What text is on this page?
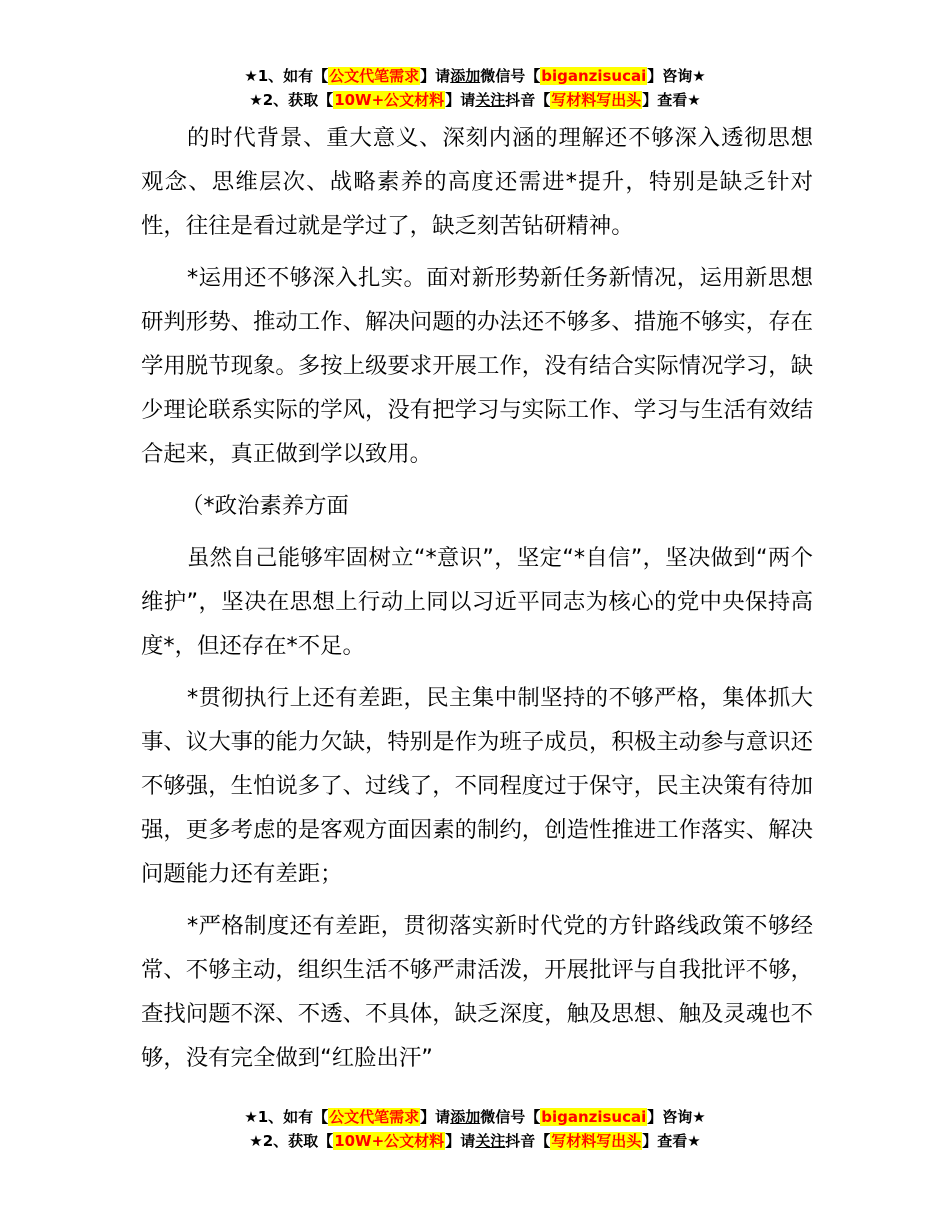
★1、如有【公文代笔需求】请添加微信号【biganzisucai】咨询★
★2、获取【10W+公文材料】请关注抖音【写材料写出头】查看★

的时代背景、重大意义、深刻内涵的理解还不够深入透彻思想观念、思维层次、战略素养的高度还需进*提升，特别是缺乏针对性，往往是看过就是学过了，缺乏刻苦钻研精神。

*运用还不够深入扎实。面对新形势新任务新情况，运用新思想研判形势、推动工作、解决问题的办法还不够多、措施不够实，存在学用脱节现象。多按上级要求开展工作，没有结合实际情况学习，缺少理论联系实际的学风，没有把学习与实际工作、学习与生活有效结合起来，真正做到学以致用。

（*政治素养方面

虽然自己能够牢固树立“*意识”，坚定“*自信”，坚决做到“两个维护”，坚决在思想上行动上同以习近平同志为核心的党中央保持高度*，但还存在*不足。

*贯彻执行上还有差距，民主集中制坚持的不够严格，集体抓大事、议大事的能力欠缺，特别是作为班子成员，积极主动参与意识还不够强，生怕说多了、过线了，不同程度过于保守，民主决策有待加强，更多考虑的是客观方面因素的制约，创造性推进工作落实、解决问题能力还有差距；

*严格制度还有差距，贯彻落实新时代党的方针路线政策不够经常、不够主动，组织生活不够严肃活泼，开展批评与自我批评不够，查找问题不深、不透、不具体，缺乏深度，触及思想、触及灵魂也不够，没有完全做到“红脸出汗”

★1、如有【公文代笔需求】请添加微信号【biganzisucai】咨询★
★2、获取【10W+公文材料】请关注抖音【写材料写出头】查看★
